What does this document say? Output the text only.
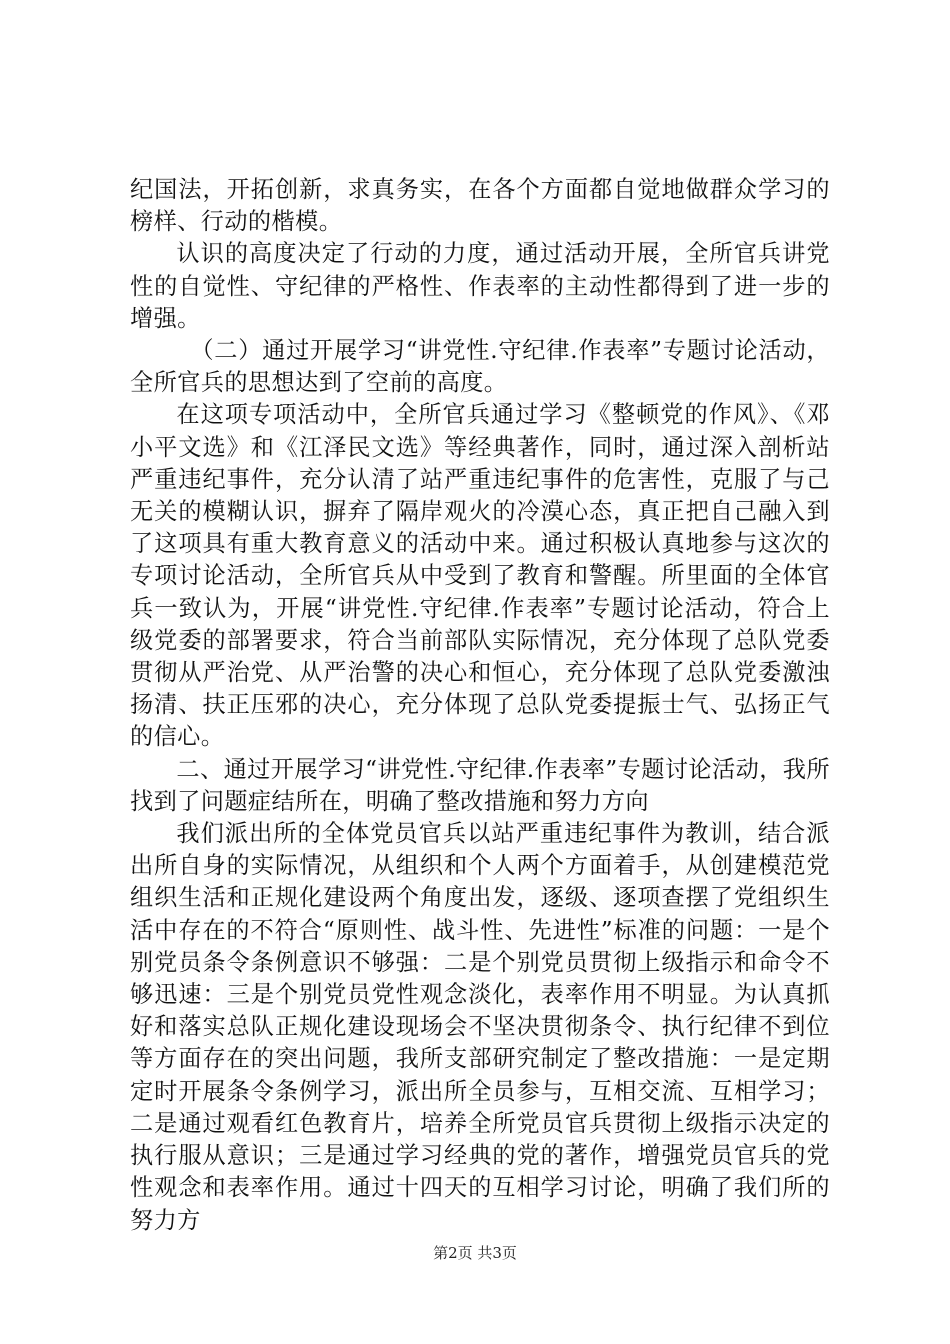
纪国法，开拓创新，求真务实，在各个方面都自觉地做群众学习的榜样、行动的楷模。

认识的高度决定了行动的力度，通过活动开展，全所官兵讲党性的自觉性、守纪律的严格性、作表率的主动性都得到了进一步的增强。

（二）通过开展学习“讲党性.守纪律.作表率”专题讨论活动，全所官兵的思想达到了空前的高度。

在这项专项活动中，全所官兵通过学习《整顿党的作风》、《邓小平文选》和《江泽民文选》等经典著作，同时，通过深入剖析站严重违纪事件，充分认清了站严重违纪事件的危害性，克服了与己无关的模糊认识，摒弃了隔岸观火的冷漠心态，真正把自己融入到了这项具有重大教育意义的活动中来。通过积极认真地参与这次的专项讨论活动，全所官兵从中受到了教育和警醒。所里面的全体官兵一致认为，开展“讲党性.守纪律.作表率”专题讨论活动，符合上级党委的部署要求，符合当前部队实际情况，充分体现了总队党委贯彻从严治党、从严治警的决心和恒心，充分体现了总队党委激浊扬清、扶正压邪的决心，充分体现了总队党委提振士气、弘扬正气的信心。

二、通过开展学习“讲党性.守纪律.作表率”专题讨论活动，我所找到了问题症结所在，明确了整改措施和努力方向

我们派出所的全体党员官兵以站严重违纪事件为教训，结合派出所自身的实际情况，从组织和个人两个方面着手，从创建模范党组织生活和正规化建设两个角度出发，逐级、逐项查摆了党组织生活中存在的不符合“原则性、战斗性、先进性”标准的问题：一是个别党员条令条例意识不够强：二是个别党员贯彻上级指示和命令不够迅速：三是个别党员党性观念淡化，表率作用不明显。为认真抓好和落实总队正规化建设现场会不坚决贯彻条令、执行纪律不到位等方面存在的突出问题，我所支部研究制定了整改措施：一是定期定时开展条令条例学习，派出所全员参与，互相交流、互相学习；二是通过观看红色教育片，培养全所党员官兵贯彻上级指示决定的执行服从意识；三是通过学习经典的党的著作，增强党员官兵的党性观念和表率作用。通过十四天的互相学习讨论，明确了我们所的努力方

第2页 共3页
